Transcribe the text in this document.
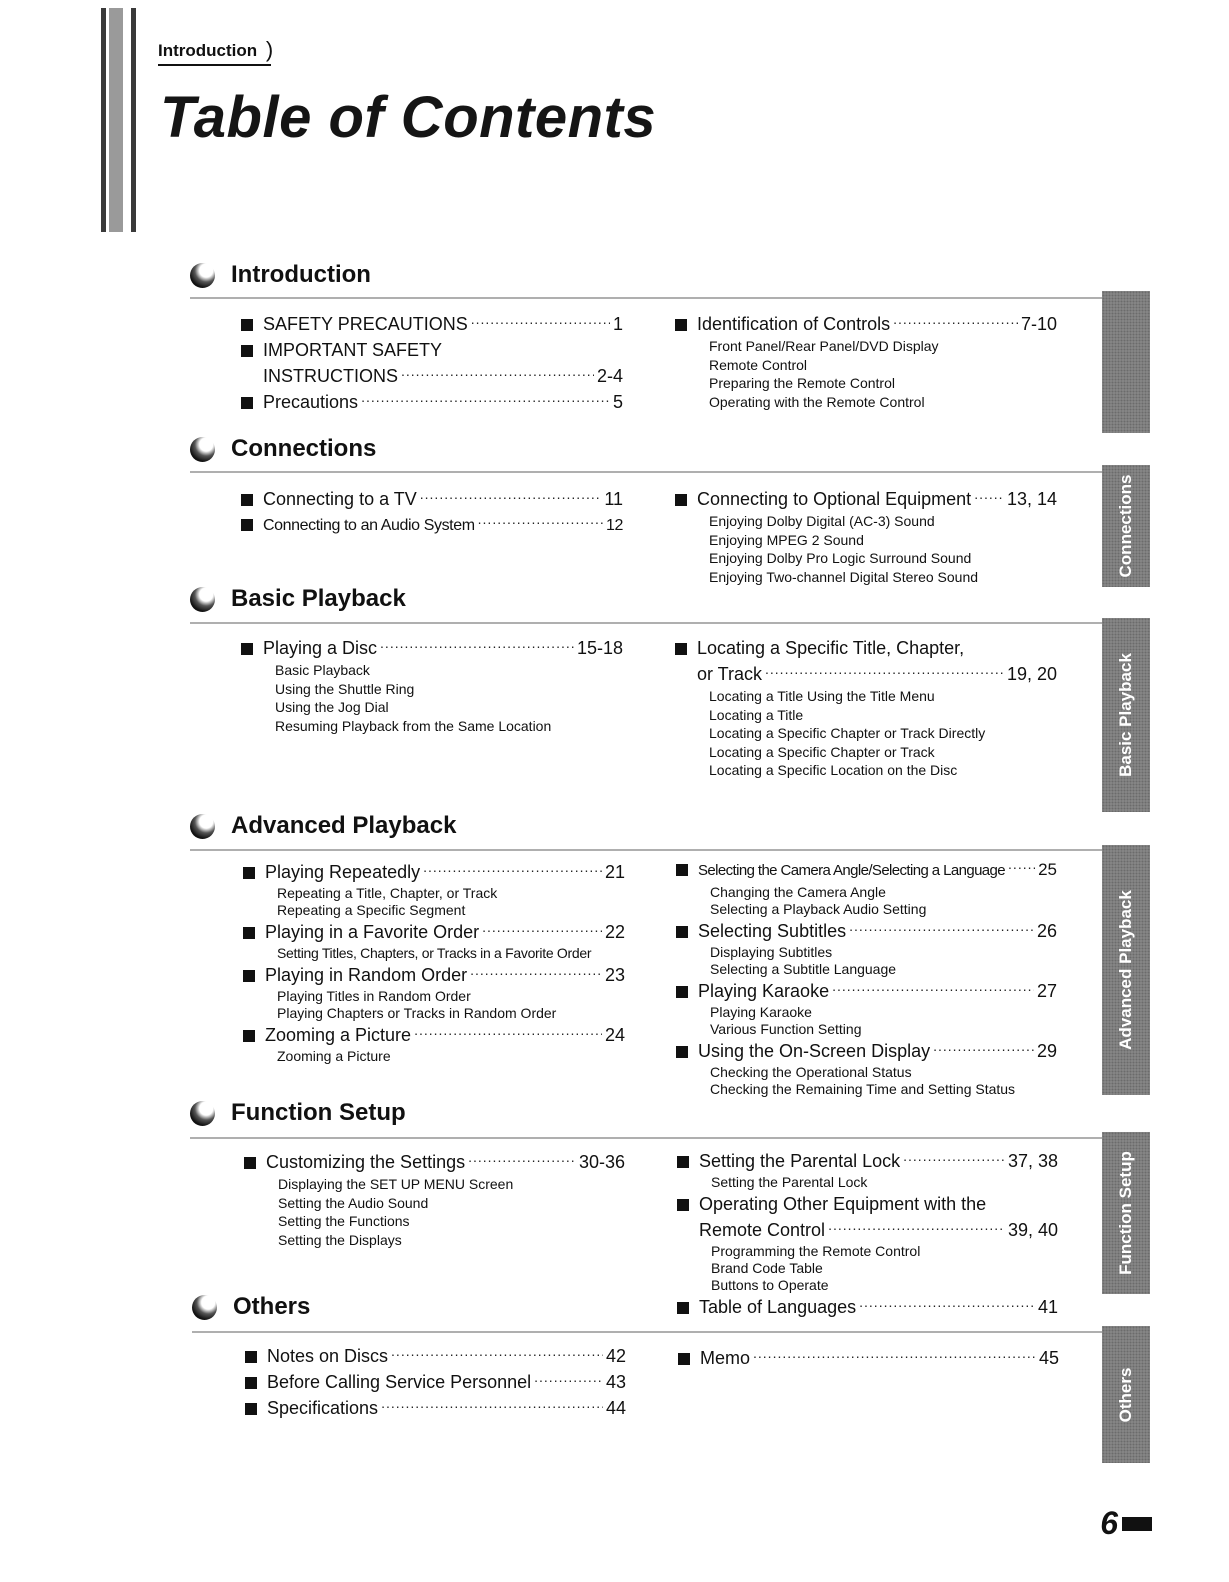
Introduction )
Table of Contents
Introduction
SAFETY PRECAUTIONS .....	1
IMPORTANT SAFETY
INSTRUCTIONS .....	2-4
Precautions .....	5
Identification of Controls .....	7-10
Front Panel/Rear Panel/DVD Display
Remote Control
Preparing the Remote Control
Operating with the Remote Control
Connections
Connecting to a TV .....	11
Connecting to an Audio System .....	12
Connecting to Optional Equipment ..... 13, 14
Enjoying Dolby Digital (AC-3) Sound
Enjoying MPEG 2 Sound
Enjoying Dolby Pro Logic Surround Sound
Enjoying Two-channel Digital Stereo Sound	Connections
Basic Playback
Playing a Disc .....	15-18
Basic Playback
Using the Shuttle Ring
Using the Jog Dial
Resuming Playback from the Same Location
Locating a Specific Title, Chapter,
or Track .....	19, 20
Locating a Title Using the Title Menu
Locating a Title
Locating a Specific Chapter or Track Directly
Locating a Specific Chapter or Track
Locating a Specific Location on the Disc	Basic Playback
Advanced Playback
Playing Repeatedly .....	21
Repeating a Title, Chapter, or Track
Repeating a Specific Segment
Playing in a Favorite Order .....	22
Setting Titles, Chapters, or Tracks in a Favorite Order
Playing in Random Order .....	23
Playing Titles in Random Order
Playing Chapters or Tracks in Random Order
Zooming a Picture .....	24
Zooming a Picture
Selecting the Camera Angle/Selecting a Language ..... 25
Changing the Camera Angle
Selecting a Playback Audio Setting
Selecting Subtitles .....	26
Displaying Subtitles
Selecting a Subtitle Language
Playing Karaoke .....	27
Playing Karaoke
Various Function Setting
Using the On-Screen Display .....	29
Checking the Operational Status
Checking the Remaining Time and Setting Status
Advanced Playback
Function Setup
Customizing the Settings .....	30-36
Displaying the SET UP MENU Screen
Setting the Audio Sound
Setting the Functions
Setting the Displays
Setting the Parental Lock .....	37, 38
Setting the Parental Lock
Operating Other Equipment with the
Remote Control .....	39, 40
Programming the Remote Control
Brand Code Table
Buttons to Operate
Table of Languages .....	41
Function Setup
Others
Notes on Discs .....	42
Before Calling Service Personnel .....	43
Specifications .....	44
Memo .....	45
Others
6
